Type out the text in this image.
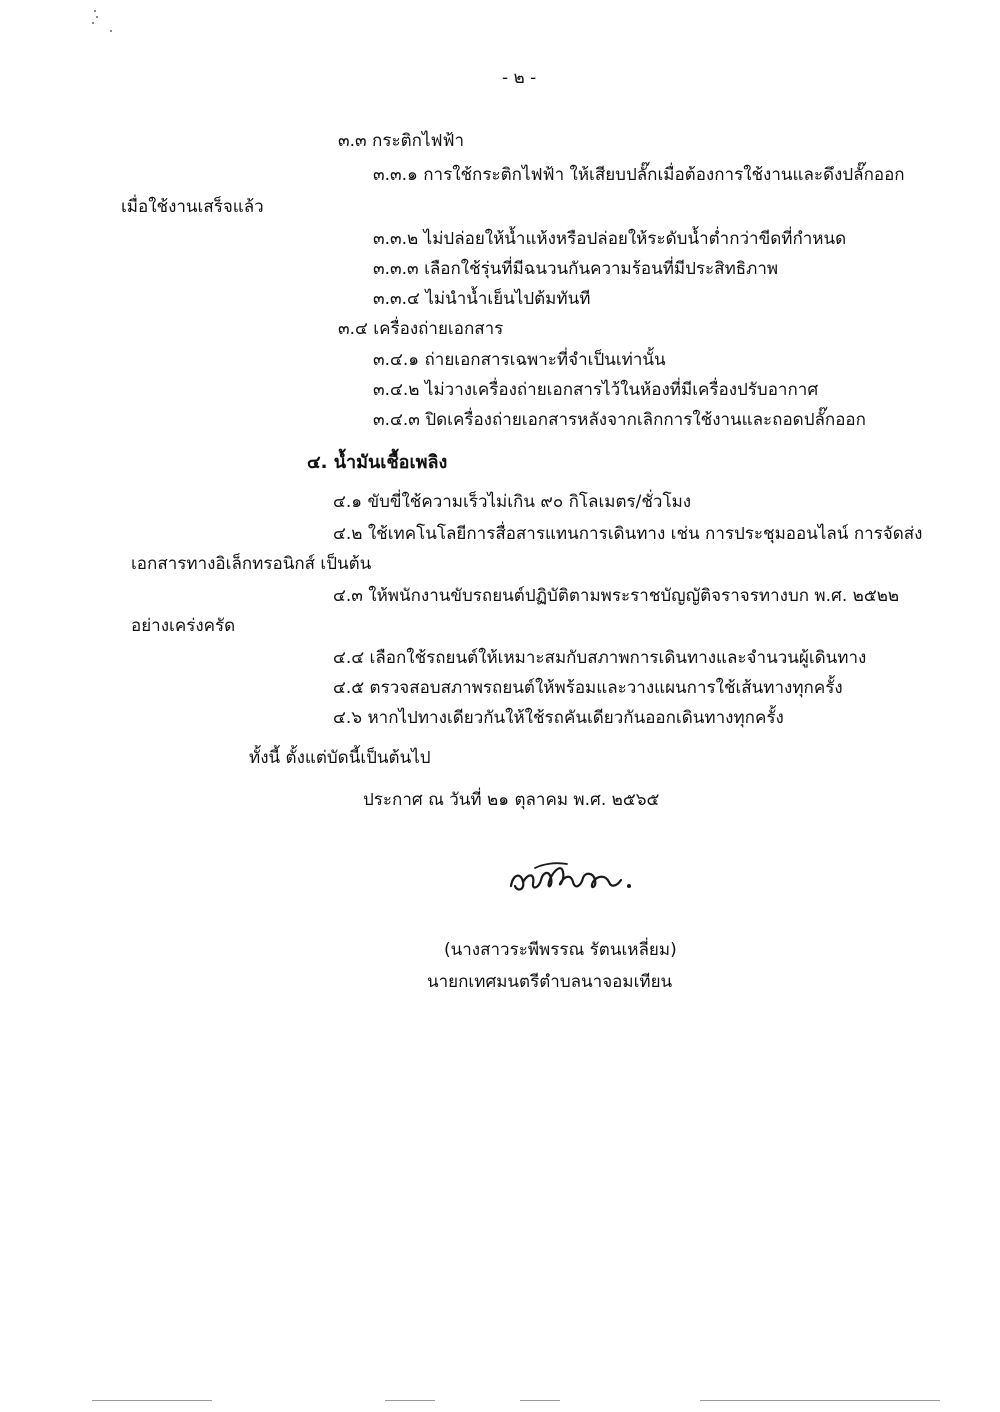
- ๒ -
๓.๓ กระติกไฟฟ้า
๓.๓.๑ การใช้กระติกไฟฟ้า ให้เสียบปลั๊กเมื่อต้องการใช้งานและดึงปลั๊กออก
เมื่อใช้งานเสร็จแล้ว
๓.๓.๒ ไม่ปล่อยให้น้ำแห้งหรือปล่อยให้ระดับน้ำต่ำกว่าขีดที่กำหนด
๓.๓.๓ เลือกใช้รุ่นที่มีฉนวนกันความร้อนที่มีประสิทธิภาพ
๓.๓.๔ ไม่นำน้ำเย็นไปต้มทันที
๓.๔ เครื่องถ่ายเอกสาร
๓.๔.๑ ถ่ายเอกสารเฉพาะที่จำเป็นเท่านั้น
๓.๔.๒ ไม่วางเครื่องถ่ายเอกสารไว้ในห้องที่มีเครื่องปรับอากาศ
๓.๔.๓ ปิดเครื่องถ่ายเอกสารหลังจากเลิกการใช้งานและถอดปลั๊กออก
๔. น้ำมันเชื้อเพลิง
๔.๑ ขับขี่ใช้ความเร็วไม่เกิน ๙๐ กิโลเมตร/ชั่วโมง
๔.๒ ใช้เทคโนโลยีการสื่อสารแทนการเดินทาง เช่น การประชุมออนไลน์ การจัดส่ง
เอกสารทางอิเล็กทรอนิกส์ เป็นต้น
๔.๓ ให้พนักงานขับรถยนต์ปฏิบัติตามพระราชบัญญัติจราจรทางบก พ.ศ. ๒๕๒๒
อย่างเคร่งครัด
๔.๔ เลือกใช้รถยนต์ให้เหมาะสมกับสภาพการเดินทางและจำนวนผู้เดินทาง
๔.๕ ตรวจสอบสภาพรถยนต์ให้พร้อมและวางแผนการใช้เส้นทางทุกครั้ง
๔.๖ หากไปทางเดียวกันให้ใช้รถคันเดียวกันออกเดินทางทุกครั้ง
ทั้งนี้ ตั้งแต่บัดนี้เป็นต้นไป
ประกาศ ณ วันที่ ๒๑ ตุลาคม พ.ศ. ๒๕๖๕
(นางสาวระพีพรรณ รัตนเหลี่ยม)
นายกเทศมนตรีตำบลนาจอมเทียน
